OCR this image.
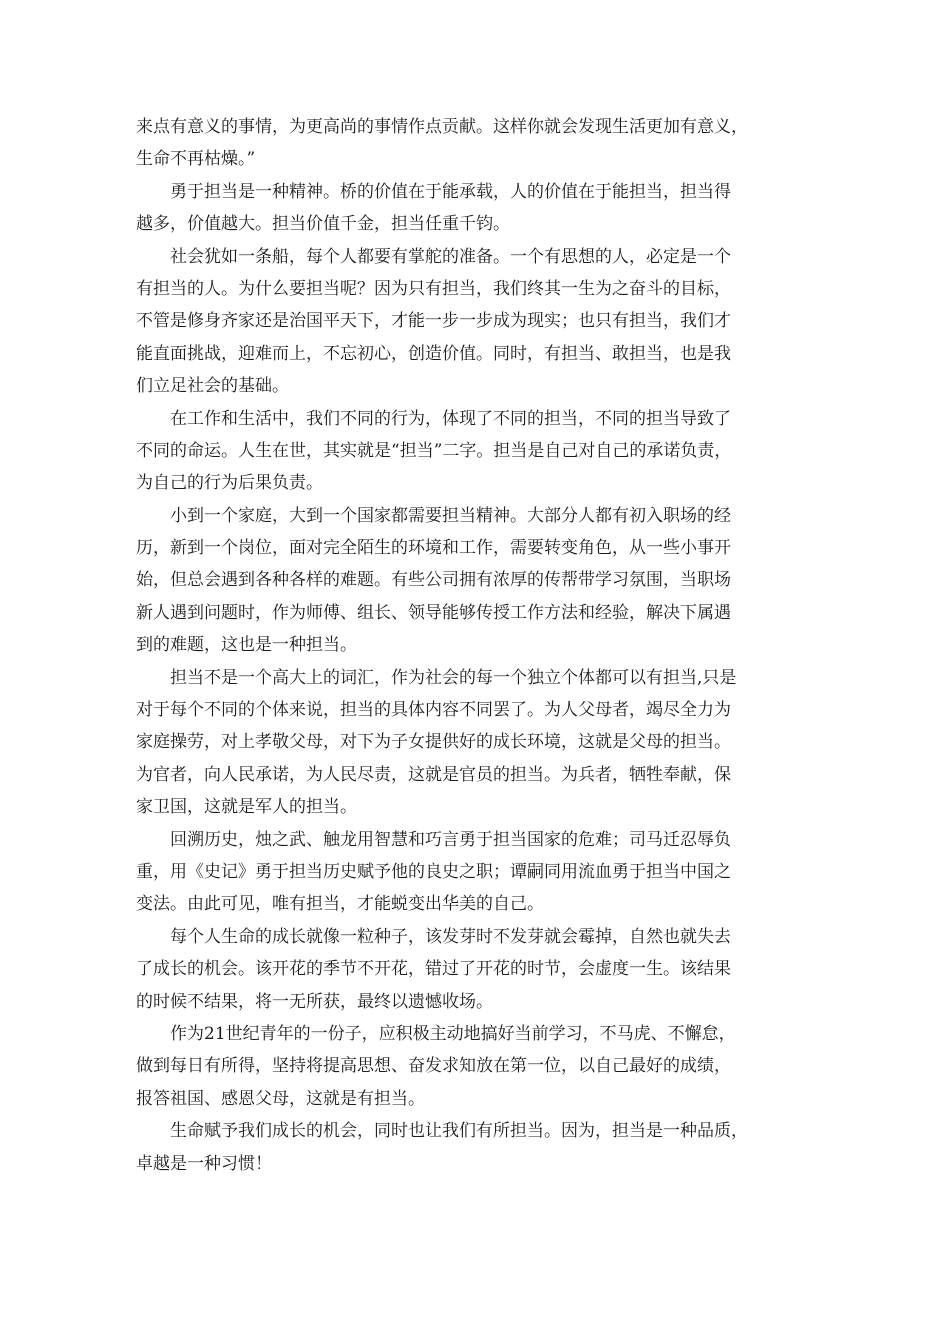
来点有意义的事情，为更高尚的事情作点贡献。这样你就会发现生活更加有意义，
生命不再枯燥。”
勇于担当是一种精神。桥的价值在于能承载，人的价值在于能担当，担当得
越多，价值越大。担当价值千金，担当任重千钧。
社会犹如一条船，每个人都要有掌舵的准备。一个有思想的人，必定是一个
有担当的人。为什么要担当呢？因为只有担当，我们终其一生为之奋斗的目标，
不管是修身齐家还是治国平天下，才能一步一步成为现实；也只有担当，我们才
能直面挑战，迎难而上，不忘初心，创造价值。同时，有担当、敢担当，也是我
们立足社会的基础。
在工作和生活中，我们不同的行为，体现了不同的担当，不同的担当导致了
不同的命运。人生在世，其实就是“担当”二字。担当是自己对自己的承诺负责，
为自己的行为后果负责。
小到一个家庭，大到一个国家都需要担当精神。大部分人都有初入职场的经
历，新到一个岗位，面对完全陌生的环境和工作，需要转变角色，从一些小事开
始，但总会遇到各种各样的难题。有些公司拥有浓厚的传帮带学习氛围，当职场
新人遇到问题时，作为师傅、组长、领导能够传授工作方法和经验，解决下属遇
到的难题，这也是一种担当。
担当不是一个高大上的词汇，作为社会的每一个独立个体都可以有担当,只是
对于每个不同的个体来说，担当的具体内容不同罢了。为人父母者，竭尽全力为
家庭操劳，对上孝敬父母，对下为子女提供好的成长环境，这就是父母的担当。
为官者，向人民承诺，为人民尽责，这就是官员的担当。为兵者，牺牲奉献，保
家卫国，这就是军人的担当。
回溯历史，烛之武、触龙用智慧和巧言勇于担当国家的危难；司马迁忍辱负
重，用《史记》勇于担当历史赋予他的良史之职；谭嗣同用流血勇于担当中国之
变法。由此可见，唯有担当，才能蜕变出华美的自己。
每个人生命的成长就像一粒种子，该发芽时不发芽就会霉掉，自然也就失去
了成长的机会。该开花的季节不开花，错过了开花的时节，会虚度一生。该结果
的时候不结果，将一无所获，最终以遗憾收场。
作为21世纪青年的一份子，应积极主动地搞好当前学习，不马虎、不懈怠，
做到每日有所得，坚持将提高思想、奋发求知放在第一位，以自己最好的成绩，
报答祖国、感恩父母，这就是有担当。
生命赋予我们成长的机会，同时也让我们有所担当。因为，担当是一种品质，
卓越是一种习惯！
